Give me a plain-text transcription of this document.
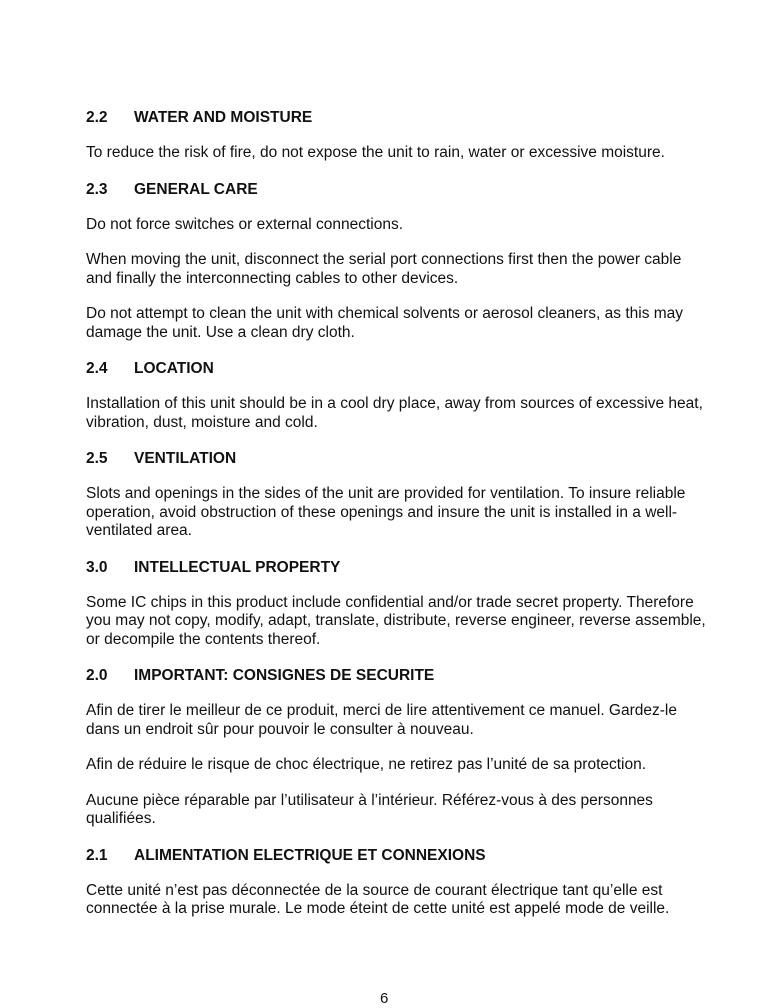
2.2	WATER AND MOISTURE

To reduce the risk of fire, do not expose the unit to rain, water or excessive moisture.

2.3	GENERAL CARE

Do not force switches or external connections.

When moving the unit, disconnect the serial port connections first then the power cable and finally the interconnecting cables to other devices.

Do not attempt to clean the unit with chemical solvents or aerosol cleaners, as this may damage the unit. Use a clean dry cloth.

2.4	LOCATION

Installation of this unit should be in a cool dry place, away from sources of excessive heat, vibration, dust, moisture and cold.

2.5	VENTILATION

Slots and openings in the sides of the unit are provided for ventilation. To insure reliable operation, avoid obstruction of these openings and insure the unit is installed in a well-ventilated area.

3.0	INTELLECTUAL PROPERTY

Some IC chips in this product include confidential and/or trade secret property. Therefore you may not copy, modify, adapt, translate, distribute, reverse engineer, reverse assemble, or decompile the contents thereof.

2.0	IMPORTANT: CONSIGNES DE SECURITE

Afin de tirer le meilleur de ce produit, merci de lire attentivement ce manuel. Gardez-le dans un endroit sûr pour pouvoir le consulter à nouveau.

Afin de réduire le risque de choc électrique, ne retirez pas l’unité de sa protection.

Aucune pièce réparable par l’utilisateur à l’intérieur. Référez-vous à des personnes qualifiées.

2.1	ALIMENTATION ELECTRIQUE ET CONNEXIONS

Cette unité n’est pas déconnectée de la source de courant électrique tant qu’elle est connectée à la prise murale. Le mode éteint de cette unité est appelé mode de veille.

6
